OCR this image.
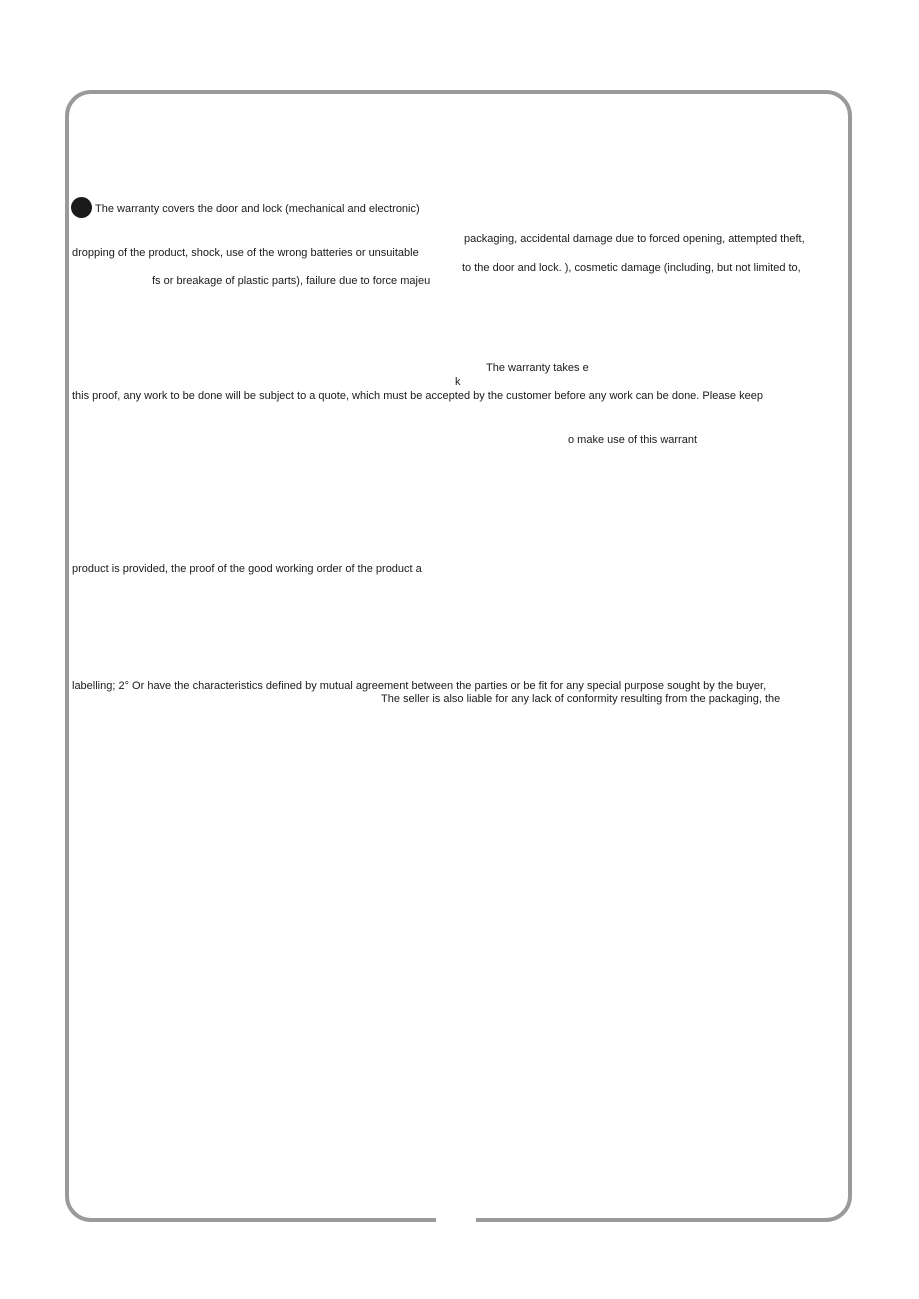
The warranty covers the door and lock (mechanical and electronic)
packaging, accidental damage due to forced opening, attempted theft,
dropping of the product, shock, use of the wrong batteries or unsuitable
to the door and lock. ), cosmetic damage (including, but not limited to,
fs or breakage of plastic parts), failure due to force majeu
The warranty takes e
k
this proof, any work to be done will be subject to a quote, which must be accepted by the customer before any work can be done. Please keep
o make use of this warrant
product is provided, the proof of the good working order of the product a
labelling; 2° Or have the characteristics defined by mutual agreement between the parties or be fit for any special purpose sought by the buyer,
The seller is also liable for any lack of conformity resulting from the packaging, the
